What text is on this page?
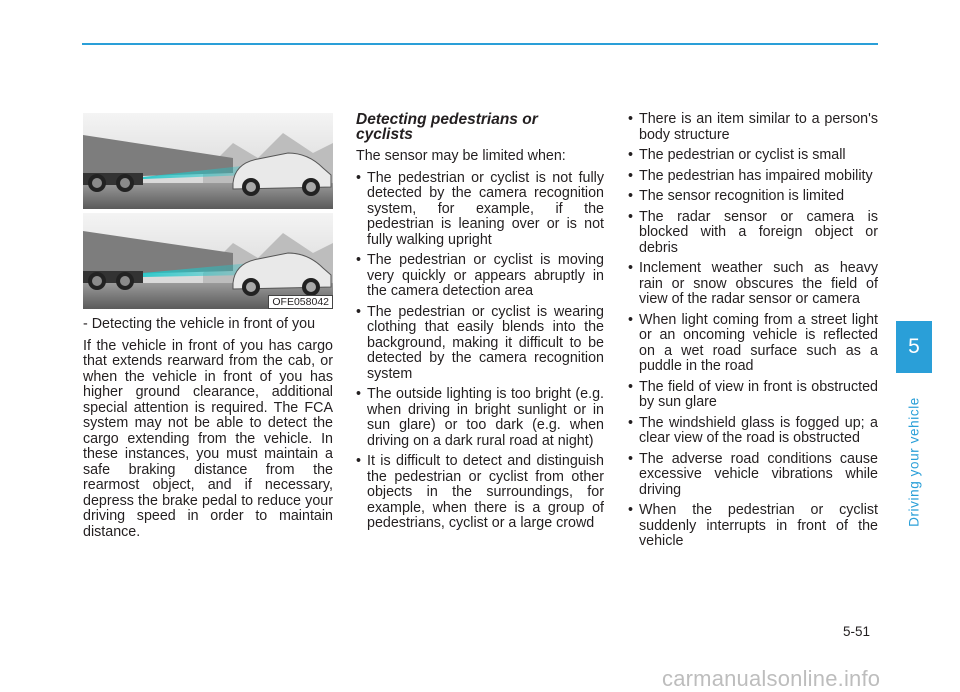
OFE058042

- Detecting the vehicle in front of you

If the vehicle in front of you has cargo that extends rearward from the cab, or when the vehicle in front of you has higher ground clearance, additional special attention is required. The FCA system may not be able to detect the cargo extending from the vehicle. In these instances, you must maintain a safe braking distance from the rearmost object, and if necessary, depress the brake pedal to reduce your driving speed in order to maintain distance.

Detecting pedestrians or cyclists

The sensor may be limited when:

• The pedestrian or cyclist is not fully detected by the camera recognition system, for example, if the pedestrian is leaning over or is not fully walking upright
• The pedestrian or cyclist is moving very quickly or appears abruptly in the camera detection area
• The pedestrian or cyclist is wearing clothing that easily blends into the background, making it difficult to be detected by the camera recognition system
• The outside lighting is too bright (e.g. when driving in bright sunlight or in sun glare) or too dark (e.g. when driving on a dark rural road at night)
• It is difficult to detect and distinguish the pedestrian or cyclist from other objects in the surroundings, for example, when there is a group of pedestrians, cyclist or a large crowd
• There is an item similar to a person's body structure
• The pedestrian or cyclist is small
• The pedestrian has impaired mobility
• The sensor recognition is limited
• The radar sensor or camera is blocked with a foreign object or debris
• Inclement weather such as heavy rain or snow obscures the field of view of the radar sensor or camera
• When light coming from a street light or an oncoming vehicle is reflected on a wet road surface such as a puddle in the road
• The field of view in front is obstructed by sun glare
• The windshield glass is fogged up; a clear view of the road is obstructed
• The adverse road conditions cause excessive vehicle vibrations while driving
• When the pedestrian or cyclist suddenly interrupts in front of the vehicle
5
Driving your vehicle
5-51
carmanualsonline.info
